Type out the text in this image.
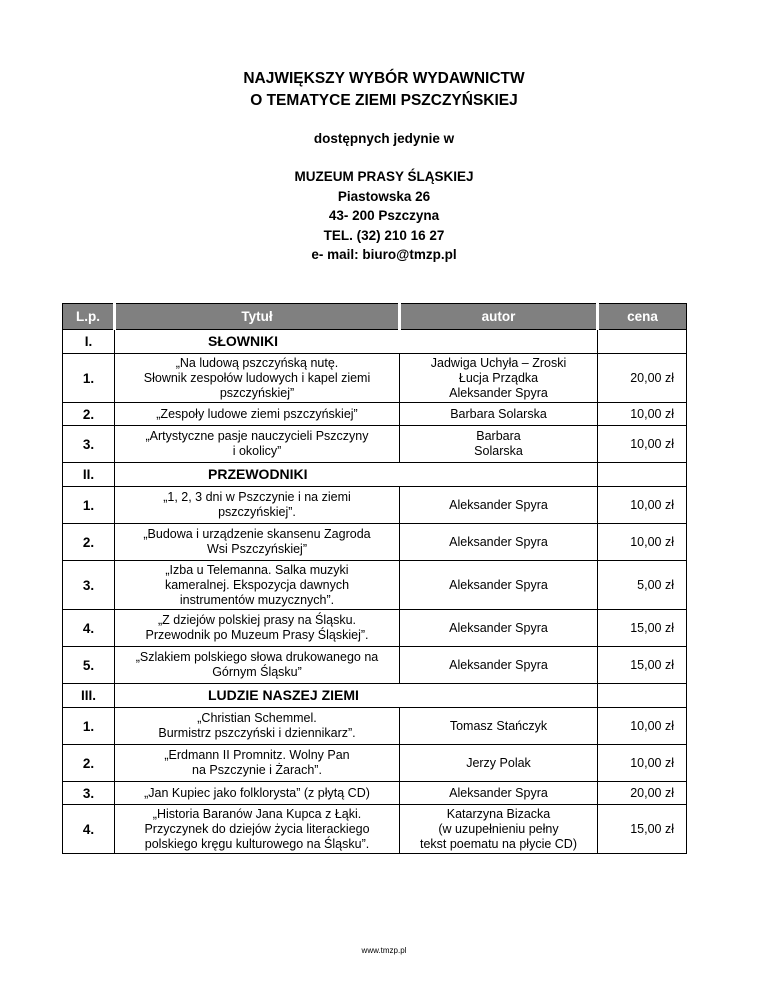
NAJWIĘKSZY WYBÓR WYDAWNICTW
O TEMATYCE ZIEMI PSZCZYŃSKIEJ
dostępnych jedynie w
MUZEUM PRASY ŚLĄSKIEJ
Piastowska 26
43- 200 Pszczyna
TEL. (32) 210 16 27
e- mail: biuro@tmzp.pl
L.p.	Tytuł	autor	cena
I.	SŁOWNIKI		
1.	„Na ludową pszczyńską nutę.
Słownik zespołów ludowych i kapel ziemi
pszczyńskiej”	Jadwiga Uchyła – Zroski
Łucja Prządka
Aleksander Spyra	20,00 zł
2.	„Zespoły ludowe ziemi pszczyńskiej”	Barbara Solarska	10,00 zł
3.	„Artystyczne pasje nauczycieli Pszczyny
i okolicy”	Barbara
Solarska	10,00 zł
II.	PRZEWODNIKI		
1.	„1, 2, 3 dni w Pszczynie i na ziemi
pszczyńskiej”.	Aleksander Spyra	10,00 zł
2.	„Budowa i urządzenie skansenu Zagroda
Wsi Pszczyńskiej”	Aleksander Spyra	10,00 zł
3.	„Izba u Telemanna. Salka muzyki
kameralnej. Ekspozycja dawnych
instrumentów muzycznych”.	Aleksander Spyra	5,00 zł
4.	„Z dziejów polskiej prasy na Śląsku.
Przewodnik po Muzeum Prasy Śląskiej”.	Aleksander Spyra	15,00 zł
5.	„Szlakiem polskiego słowa drukowanego na
Górnym Śląsku”	Aleksander Spyra	15,00 zł
III.	LUDZIE NASZEJ ZIEMI		
1.	„Christian Schemmel.
Burmistrz pszczyński i dziennikarz”.	Tomasz Stańczyk	10,00 zł
2.	„Erdmann II Promnitz. Wolny Pan
na Pszczynie i Żarach”.	Jerzy Polak	10,00 zł
3.	„Jan Kupiec jako folklorysta” (z płytą CD)	Aleksander Spyra	20,00 zł
4.	„Historia Baranów Jana Kupca z Łąki.
Przyczynek do dziejów życia literackiego
polskiego kręgu kulturowego na Śląsku”.	Katarzyna Bizacka
(w uzupełnieniu pełny
tekst poematu na płycie CD)	15,00 zł
www.tmzp.pl
